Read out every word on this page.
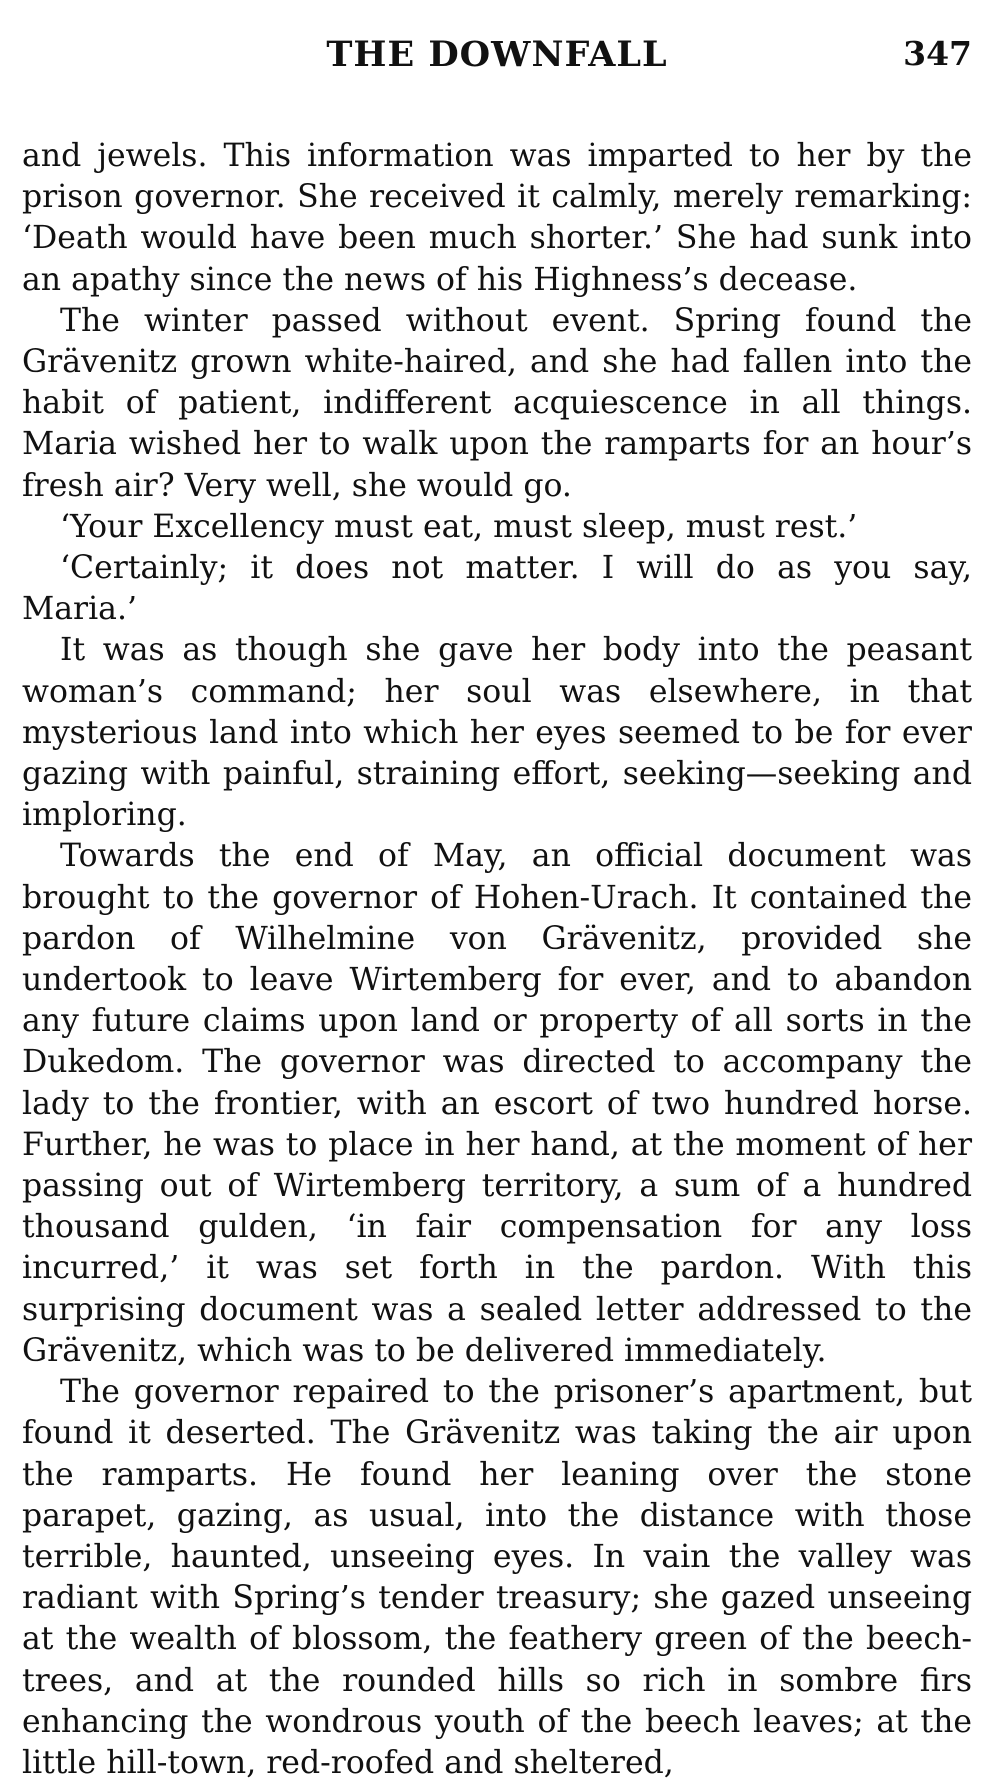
THE DOWNFALL	347

and jewels. This information was imparted to her by the prison governor. She received it calmly, merely remarking: ‘Death would have been much shorter.’ She had sunk into an apathy since the news of his Highness’s decease.

The winter passed without event. Spring found the Grävenitz grown white-haired, and she had fallen into the habit of patient, indifferent acquiescence in all things. Maria wished her to walk upon the ramparts for an hour’s fresh air? Very well, she would go.

‘Your Excellency must eat, must sleep, must rest.’

‘Certainly; it does not matter. I will do as you say, Maria.’

It was as though she gave her body into the peasant woman’s command; her soul was elsewhere, in that mysterious land into which her eyes seemed to be for ever gazing with painful, straining effort, seeking—seeking and imploring.

Towards the end of May, an official document was brought to the governor of Hohen-Urach. It contained the pardon of Wilhelmine von Grävenitz, provided she undertook to leave Wirtemberg for ever, and to abandon any future claims upon land or property of all sorts in the Dukedom. The governor was directed to accompany the lady to the frontier, with an escort of two hundred horse. Further, he was to place in her hand, at the moment of her passing out of Wirtemberg territory, a sum of a hundred thousand gulden, ‘in fair compensation for any loss incurred,’ it was set forth in the pardon. With this surprising document was a sealed letter addressed to the Grävenitz, which was to be delivered immediately.

The governor repaired to the prisoner’s apartment, but found it deserted. The Grävenitz was taking the air upon the ramparts. He found her leaning over the stone parapet, gazing, as usual, into the distance with those terrible, haunted, unseeing eyes. In vain the valley was radiant with Spring’s tender treasury; she gazed unseeing at the wealth of blossom, the feathery green of the beech-trees, and at the rounded hills so rich in sombre firs enhancing the wondrous youth of the beech leaves; at the little hill-town, red-roofed and sheltered,
